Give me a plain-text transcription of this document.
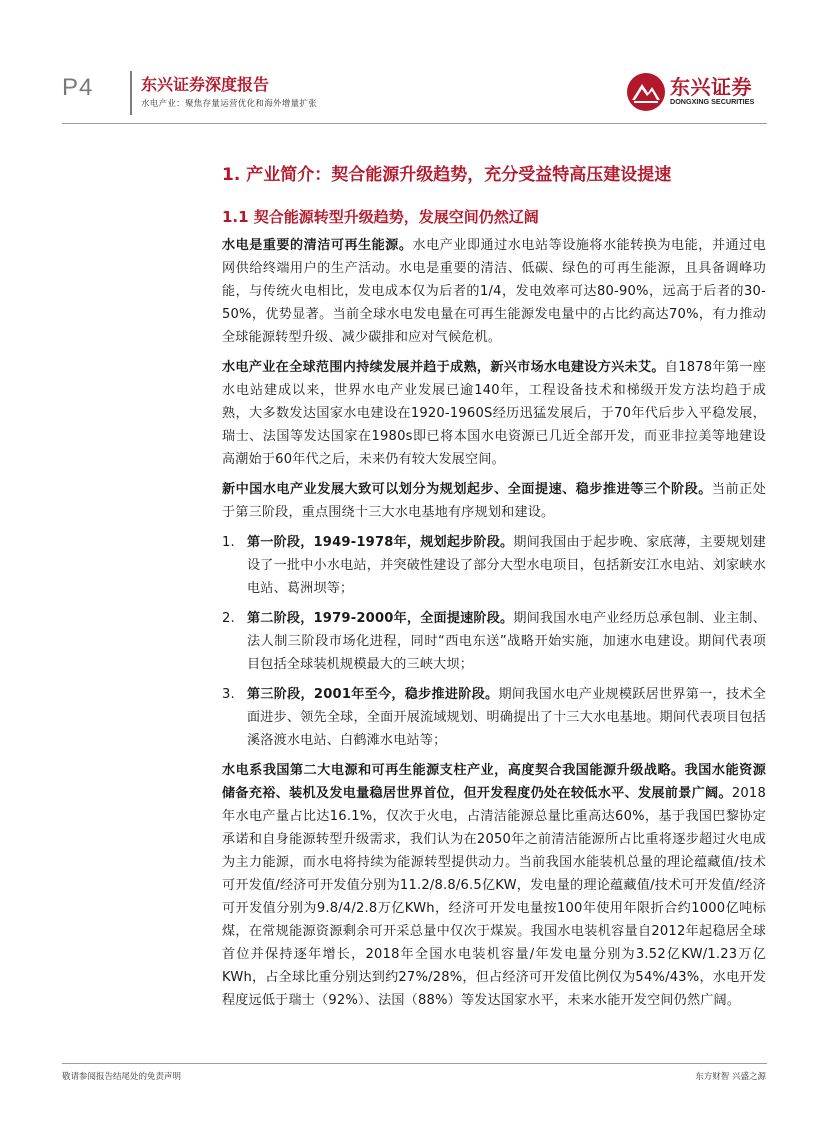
P4	东兴证券深度报告
水电产业：聚焦存量运营优化和海外增量扩张
东兴证券
DONGXING SECURITIES
1. 产业简介：契合能源升级趋势，充分受益特高压建设提速
1.1 契合能源转型升级趋势，发展空间仍然辽阔

水电是重要的清洁可再生能源。水电产业即通过水电站等设施将水能转换为电能，并通过电网供给终端用户的生产活动。水电是重要的清洁、低碳、绿色的可再生能源，且具备调峰功能，与传统火电相比，发电成本仅为后者的1/4，发电效率可达80-90%，远高于后者的30-50%，优势显著。当前全球水电发电量在可再生能源发电量中的占比约高达70%，有力推动全球能源转型升级、减少碳排和应对气候危机。

水电产业在全球范围内持续发展并趋于成熟，新兴市场水电建设方兴未艾。自1878年第一座水电站建成以来，世界水电产业发展已逾140年，工程设备技术和梯级开发方法均趋于成熟，大多数发达国家水电建设在1920-1960S经历迅猛发展后，于70年代后步入平稳发展，瑞士、法国等发达国家在1980s即已将本国水电资源已几近全部开发，而亚非拉美等地建设高潮始于60年代之后，未来仍有较大发展空间。

新中国水电产业发展大致可以划分为规划起步、全面提速、稳步推进等三个阶段。当前正处于第三阶段，重点围绕十三大水电基地有序规划和建设。

1. 第一阶段，1949-1978年，规划起步阶段。期间我国由于起步晚、家底薄，主要规划建设了一批中小水电站，并突破性建设了部分大型水电项目，包括新安江水电站、刘家峡水电站、葛洲坝等；

2. 第二阶段，1979-2000年，全面提速阶段。期间我国水电产业经历总承包制、业主制、法人制三阶段市场化进程，同时“西电东送”战略开始实施，加速水电建设。期间代表项目包括全球装机规模最大的三峡大坝；

3. 第三阶段，2001年至今，稳步推进阶段。期间我国水电产业规模跃居世界第一，技术全面进步、领先全球，全面开展流域规划、明确提出了十三大水电基地。期间代表项目包括溪洛渡水电站、白鹤滩水电站等；

水电系我国第二大电源和可再生能源支柱产业，高度契合我国能源升级战略。我国水能资源储备充裕、装机及发电量稳居世界首位，但开发程度仍处在较低水平、发展前景广阔。2018年水电产量占比达16.1%，仅次于火电，占清洁能源总量比重高达60%，基于我国巴黎协定承诺和自身能源转型升级需求，我们认为在2050年之前清洁能源所占比重将逐步超过火电成为主力能源，而水电将持续为能源转型提供动力。当前我国水能装机总量的理论蕴藏值/技术可开发值/经济可开发值分别为11.2/8.8/6.5亿KW，发电量的理论蕴藏值/技术可开发值/经济可开发值分别为9.8/4/2.8万亿KWh，经济可开发电量按100年使用年限折合约1000亿吨标煤，在常规能源资源剩余可开采总量中仅次于煤炭。我国水电装机容量自2012年起稳居全球首位并保持逐年增长，2018年全国水电装机容量/年发电量分别为3.52亿KW/1.23万亿KWh，占全球比重分别达到约27%/28%，但占经济可开发值比例仅为54%/43%，水电开发程度远低于瑞士（92%）、法国（88%）等发达国家水平，未来水能开发空间仍然广阔。

敬请参阅报告结尾处的免责声明	东方财智 兴盛之源
